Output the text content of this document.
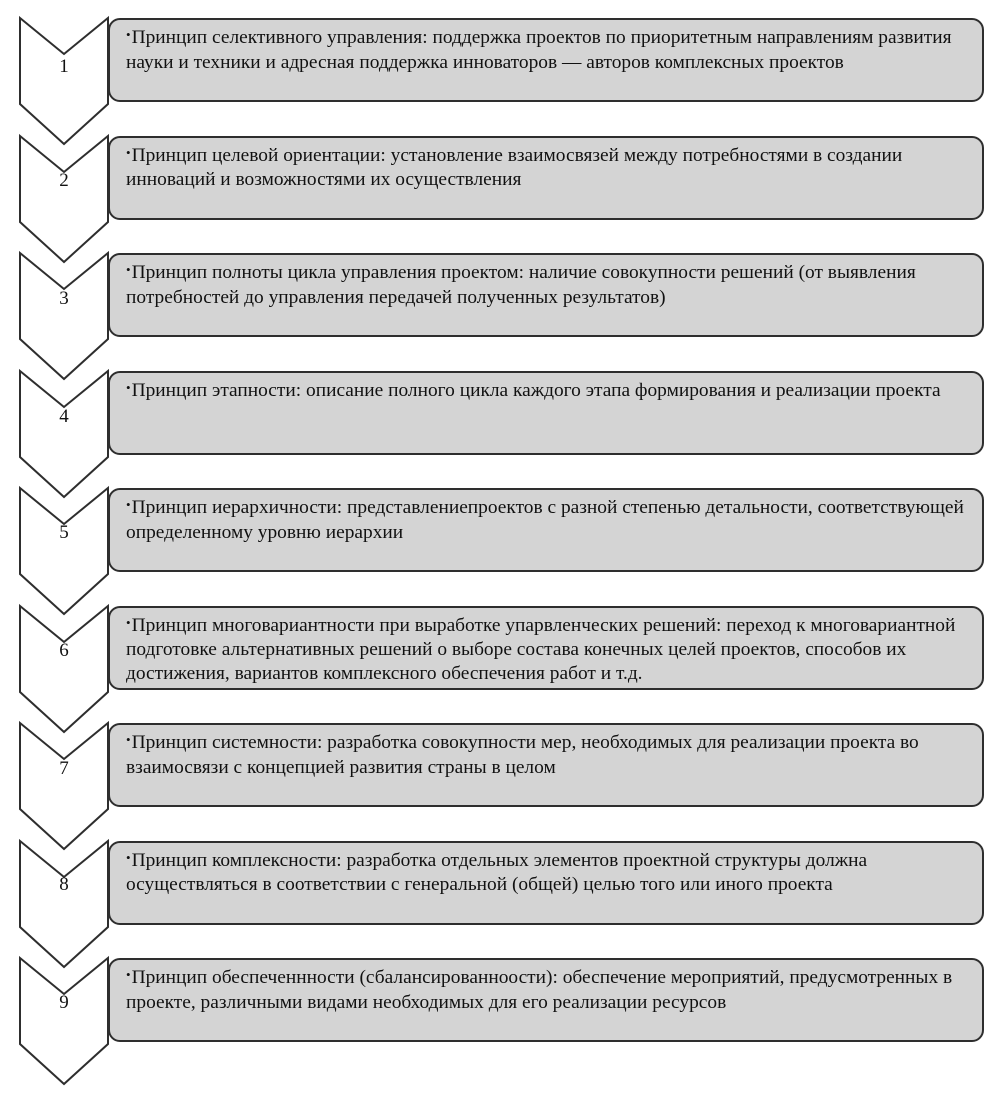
1

•Принцип селективного управления: поддержка проектов по приоритетным направлениям развития науки и техники и адресная поддержка инноваторов — авторов комплексных проектов

2

•Принцип целевой ориентации: установление взаимосвязей между потребностями в создании инноваций и возможностями их осуществления

3

•Принцип полноты цикла управления проектом: наличие совокупности решений (от выявления потребностей до управления передачей полученных результатов)

4

•Принцип этапности: описание полного цикла каждого этапа формирования и реализации проекта

5

•Принцип иерархичности: представлениепроектов с разной степенью детальности, соответствующей определенному уровню иерархии

6

•Принцип многовариантности при выработке упарвленческих решений: переход к многовариантной подготовке альтернативных решений о выборе состава конечных целей проектов, способов их достижения, вариантов комплексного обеспечения работ и т.д.

7

•Принцип системности: разработка совокупности мер, необходимых для реализации проекта во взаимосвязи с концепцией развития страны в целом

8

•Принцип комплексности: разработка отдельных элементов проектной структуры должна осуществляться в соответствии с генеральной (общей) целью того или иного проекта

9

•Принцип обеспеченнности (сбалансированноости): обеспечение мероприятий, предусмотренных в проекте, различными видами необходимых для его реализации ресурсов
